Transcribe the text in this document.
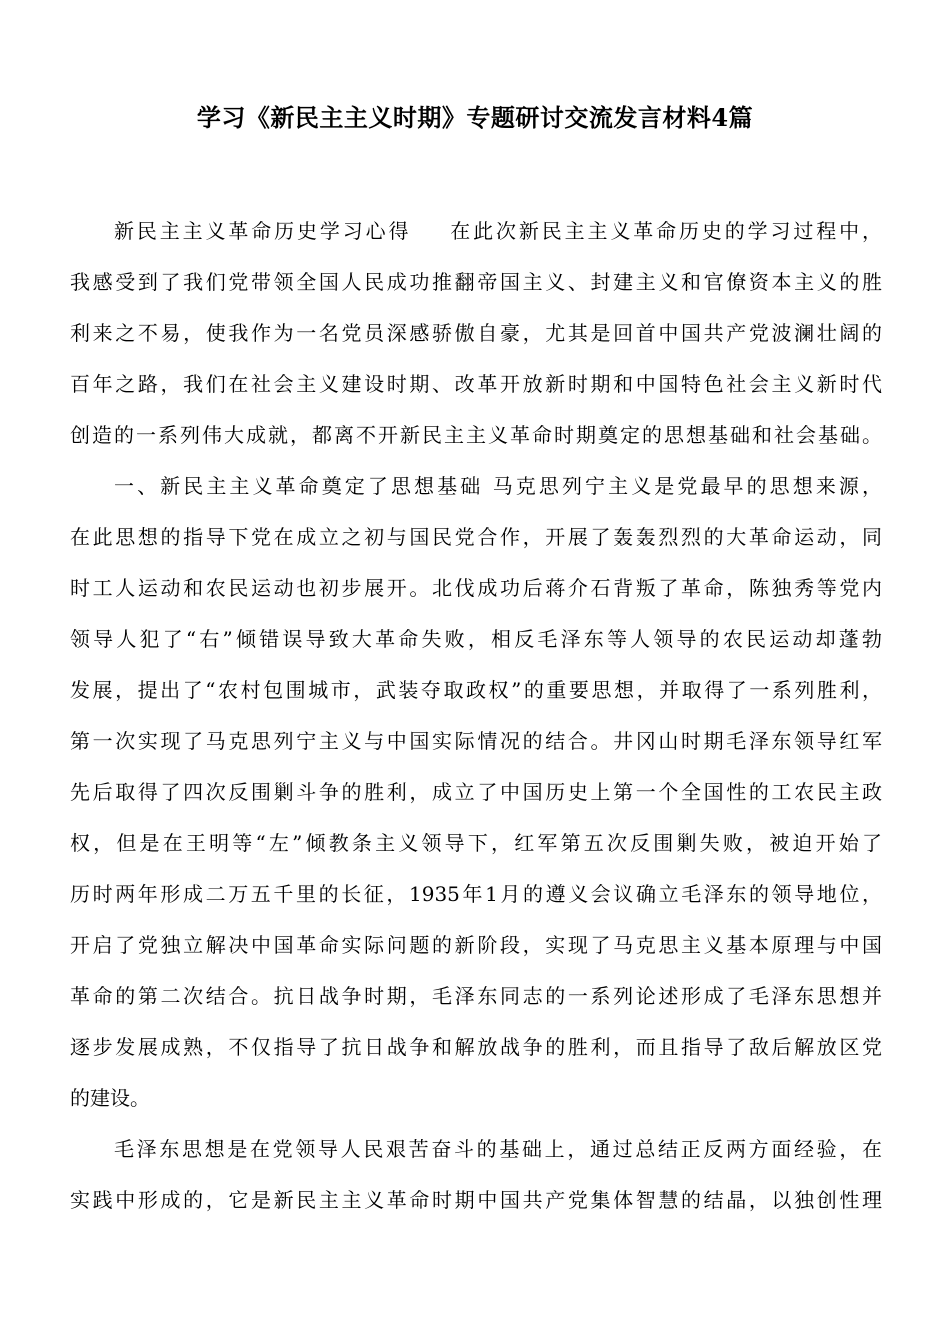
学习《新民主主义时期》专题研讨交流发言材料4篇
新民主主义革命历史学习心得 在此次新民主主义革命历史的学习过程中，
我感受到了我们党带领全国人民成功推翻帝国主义、封建主义和官僚资本主义的胜
利来之不易，使我作为一名党员深感骄傲自豪，尤其是回首中国共产党波澜壮阔的
百年之路，我们在社会主义建设时期、改革开放新时期和中国特色社会主义新时代
创造的一系列伟大成就，都离不开新民主主义革命时期奠定的思想基础和社会基础。
一、新民主主义革命奠定了思想基础 马克思列宁主义是党最早的思想来源，
在此思想的指导下党在成立之初与国民党合作，开展了轰轰烈烈的大革命运动，同
时工人运动和农民运动也初步展开。北伐成功后蒋介石背叛了革命，陈独秀等党内
领导人犯了“右”倾错误导致大革命失败，相反毛泽东等人领导的农民运动却蓬勃
发展，提出了“农村包围城市，武装夺取政权”的重要思想，并取得了一系列胜利，
第一次实现了马克思列宁主义与中国实际情况的结合。井冈山时期毛泽东领导红军
先后取得了四次反围剿斗争的胜利，成立了中国历史上第一个全国性的工农民主政
权，但是在王明等“左”倾教条主义领导下，红军第五次反围剿失败，被迫开始了
历时两年形成二万五千里的长征，1935年1月的遵义会议确立毛泽东的领导地位，
开启了党独立解决中国革命实际问题的新阶段，实现了马克思主义基本原理与中国
革命的第二次结合。抗日战争时期，毛泽东同志的一系列论述形成了毛泽东思想并
逐步发展成熟，不仅指导了抗日战争和解放战争的胜利，而且指导了敌后解放区党
的建设。
毛泽东思想是在党领导人民艰苦奋斗的基础上，通过总结正反两方面经验，在
实践中形成的，它是新民主主义革命时期中国共产党集体智慧的结晶，以独创性理
